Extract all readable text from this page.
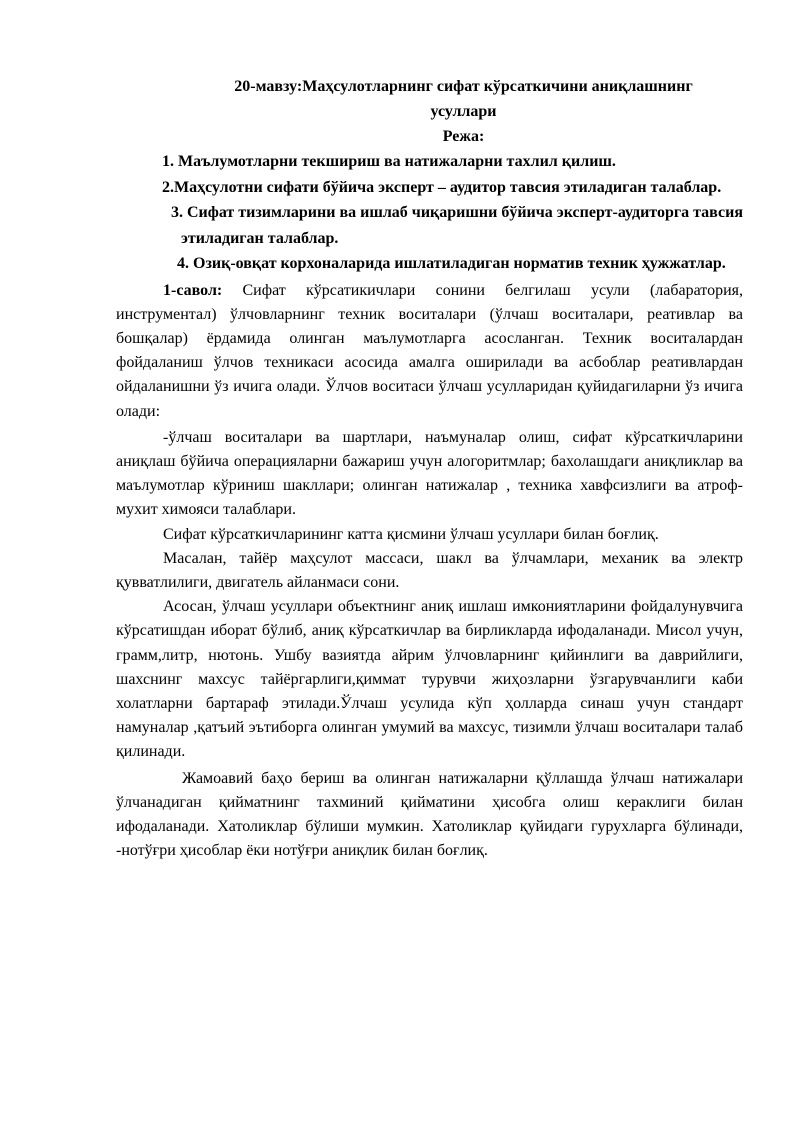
20-мавзу:Маҳсулотларнинг сифат кўрсаткичини аниқлашнинг
усуллари
Режа:
1. Маълумотларни текшириш ва натижаларни тахлил қилиш.
2.Маҳсулотни сифати бўйича эксперт – аудитор тавсия этиладиган талаблар.
3. Сифат тизимларини ва ишлаб чиқаришни бўйича эксперт-аудиторга тавсия этиладиган талаблар.
4. Озиқ-овқат корхоналарида ишлатиладиган норматив техник ҳужжатлар.

1-савол: Сифат кўрсатикичлари сонини белгилаш усули (лабаратория, инструментал) ўлчовларнинг техник воситалари (ўлчаш воситалари, реативлар ва бошқалар) ёрдамида олинган маълумотларга асосланган. Техник воситалардан фойдаланиш ўлчов техникаси асосида амалга оширилади ва асбоблар реативлардан ойдаланишни ўз ичига олади. Ўлчов воситаси ўлчаш усулларидан қуйидагиларни ўз ичига олади:

-ўлчаш воситалари ва шартлари, наъмуналар олиш, сифат кўрсаткичларини аниқлаш бўйича операцияларни бажариш учун алогоритмлар; бахолашдаги аниқликлар ва маълумотлар кўриниш шакллари; олинган натижалар , техника хавфсизлиги ва атроф-мухит химояси талаблари.

Сифат кўрсаткичларининг катта қисмини ўлчаш усуллари билан боғлиқ.

Масалан, тайёр маҳсулот массаси, шакл ва ўлчамлари, механик ва электр қувватлилиги, двигатель айланмаси сони.

Асосан, ўлчаш усуллари объектнинг аниқ ишлаш имкониятларини фойдалунувчига кўрсатишдан иборат бўлиб, аниқ кўрсаткичлар ва бирликларда ифодаланади. Мисол учун, грамм,литр, нютонь. Ушбу вазиятда айрим ўлчовларнинг қийинлиги ва даврийлиги, шахснинг махсус тайёргарлиги,қиммат турувчи жиҳозларни ўзгарувчанлиги каби холатларни бартараф этилади.Ўлчаш усулида кўп ҳолларда синаш учун стандарт намуналар ,қатъий эътиборга олинган умумий ва махсус, тизимли ўлчаш воситалари талаб қилинади.

Жамоавий баҳо бериш ва олинган натижаларни қўллашда ўлчаш натижалари ўлчанадиган қийматнинг тахминий қийматини ҳисобга олиш кераклиги билан ифодаланади. Хатоликлар бўлиши мумкин. Хатоликлар қуйидаги гурухларга бўлинади, -нотўғри ҳисоблар ёки нотўғри аниқлик билан боғлиқ.
